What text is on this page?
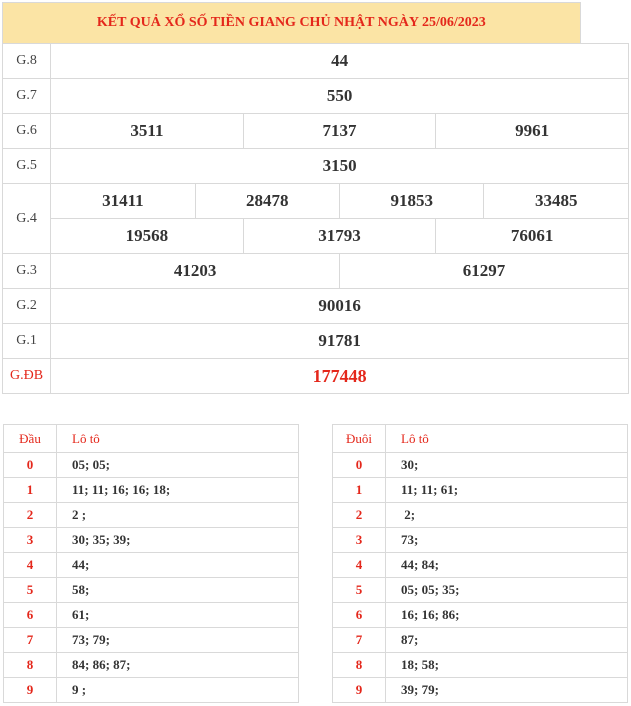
KẾT QUẢ XỔ SỐ TIỀN GIANG CHỦ NHẬT NGÀY 25/06/2023						
G.8	44					
G.7	550					
G.6	3511		7137		9961	
G.5	3150					
G.4	31411	28478		91853		33485
	19568		31793		76061	
G.3	41203			61297		
G.2	90016					
G.1	91781					
G.ĐB	177448					
Đầu	Lô tô
0	05; 05;
1	11; 11; 16; 16; 18;
2	2 ;
3	30; 35; 39;
4	44;
5	58;
6	61;
7	73; 79;
8	84; 86; 87;
9	9 ;
Đuôi	Lô tô
0	30;
1	11; 11; 61;
2	2;
3	73;
4	44; 84;
5	05; 05; 35;
6	16; 16; 86;
7	87;
8	18; 58;
9	39; 79;
